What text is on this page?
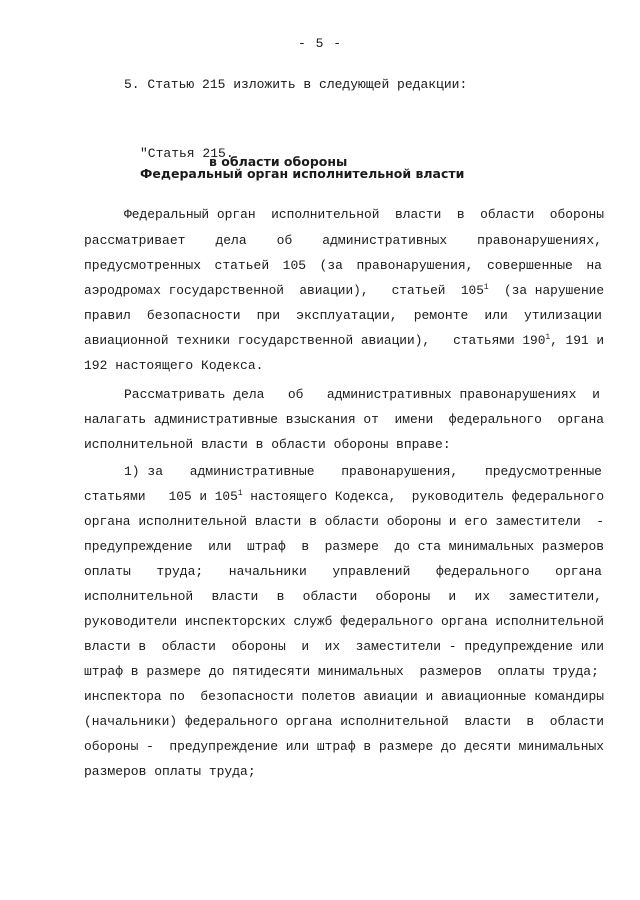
- 5 -
5. Статью 215 изложить в следующей редакции:

"Статья 215.
Федеральный орган исполнительной власти

в области обороны
Федеральный орган  исполнительной  власти  в  области  обороны
рассматривает дела об административных правонарушениях,
предусмотренных статьей 105 (за правонарушения, совершенные на
аэродромах государственной  авиации),   статьей  $105^1$  (за нарушение
правил безопасности при эксплуатации, ремонте или утилизации
авиационной техники государственной авиации),   статьями $190^1$, 191 и
192 настоящего Кодекса.
Рассматривать дела   об   административных правонарушениях  и
налагать административные взыскания от  имени  федерального  органа
исполнительной власти в области обороны вправе:
1) за административные правонарушения, предусмотренные
статьями   105 и $105^1$ настоящего Кодекса,  руководитель федерального
органа исполнительной власти в области обороны и его заместители  -
предупреждение  или  штраф  в  размере  до ста минимальных размеров
оплаты труда; начальники управлений федерального органа
исполнительной власти в области обороны и их заместители,
руководители инспекторских служб федерального органа исполнительной
власти в  области  обороны  и  их  заместители - предупреждение или
штраф в размере до пятидесяти минимальных  размеров  оплаты труда;
инспектора по  безопасности полетов авиации и авиационные командиры
(начальники) федерального органа исполнительной  власти  в  области
обороны -  предупреждение или штраф в размере до десяти минимальных
размеров оплаты труда;
